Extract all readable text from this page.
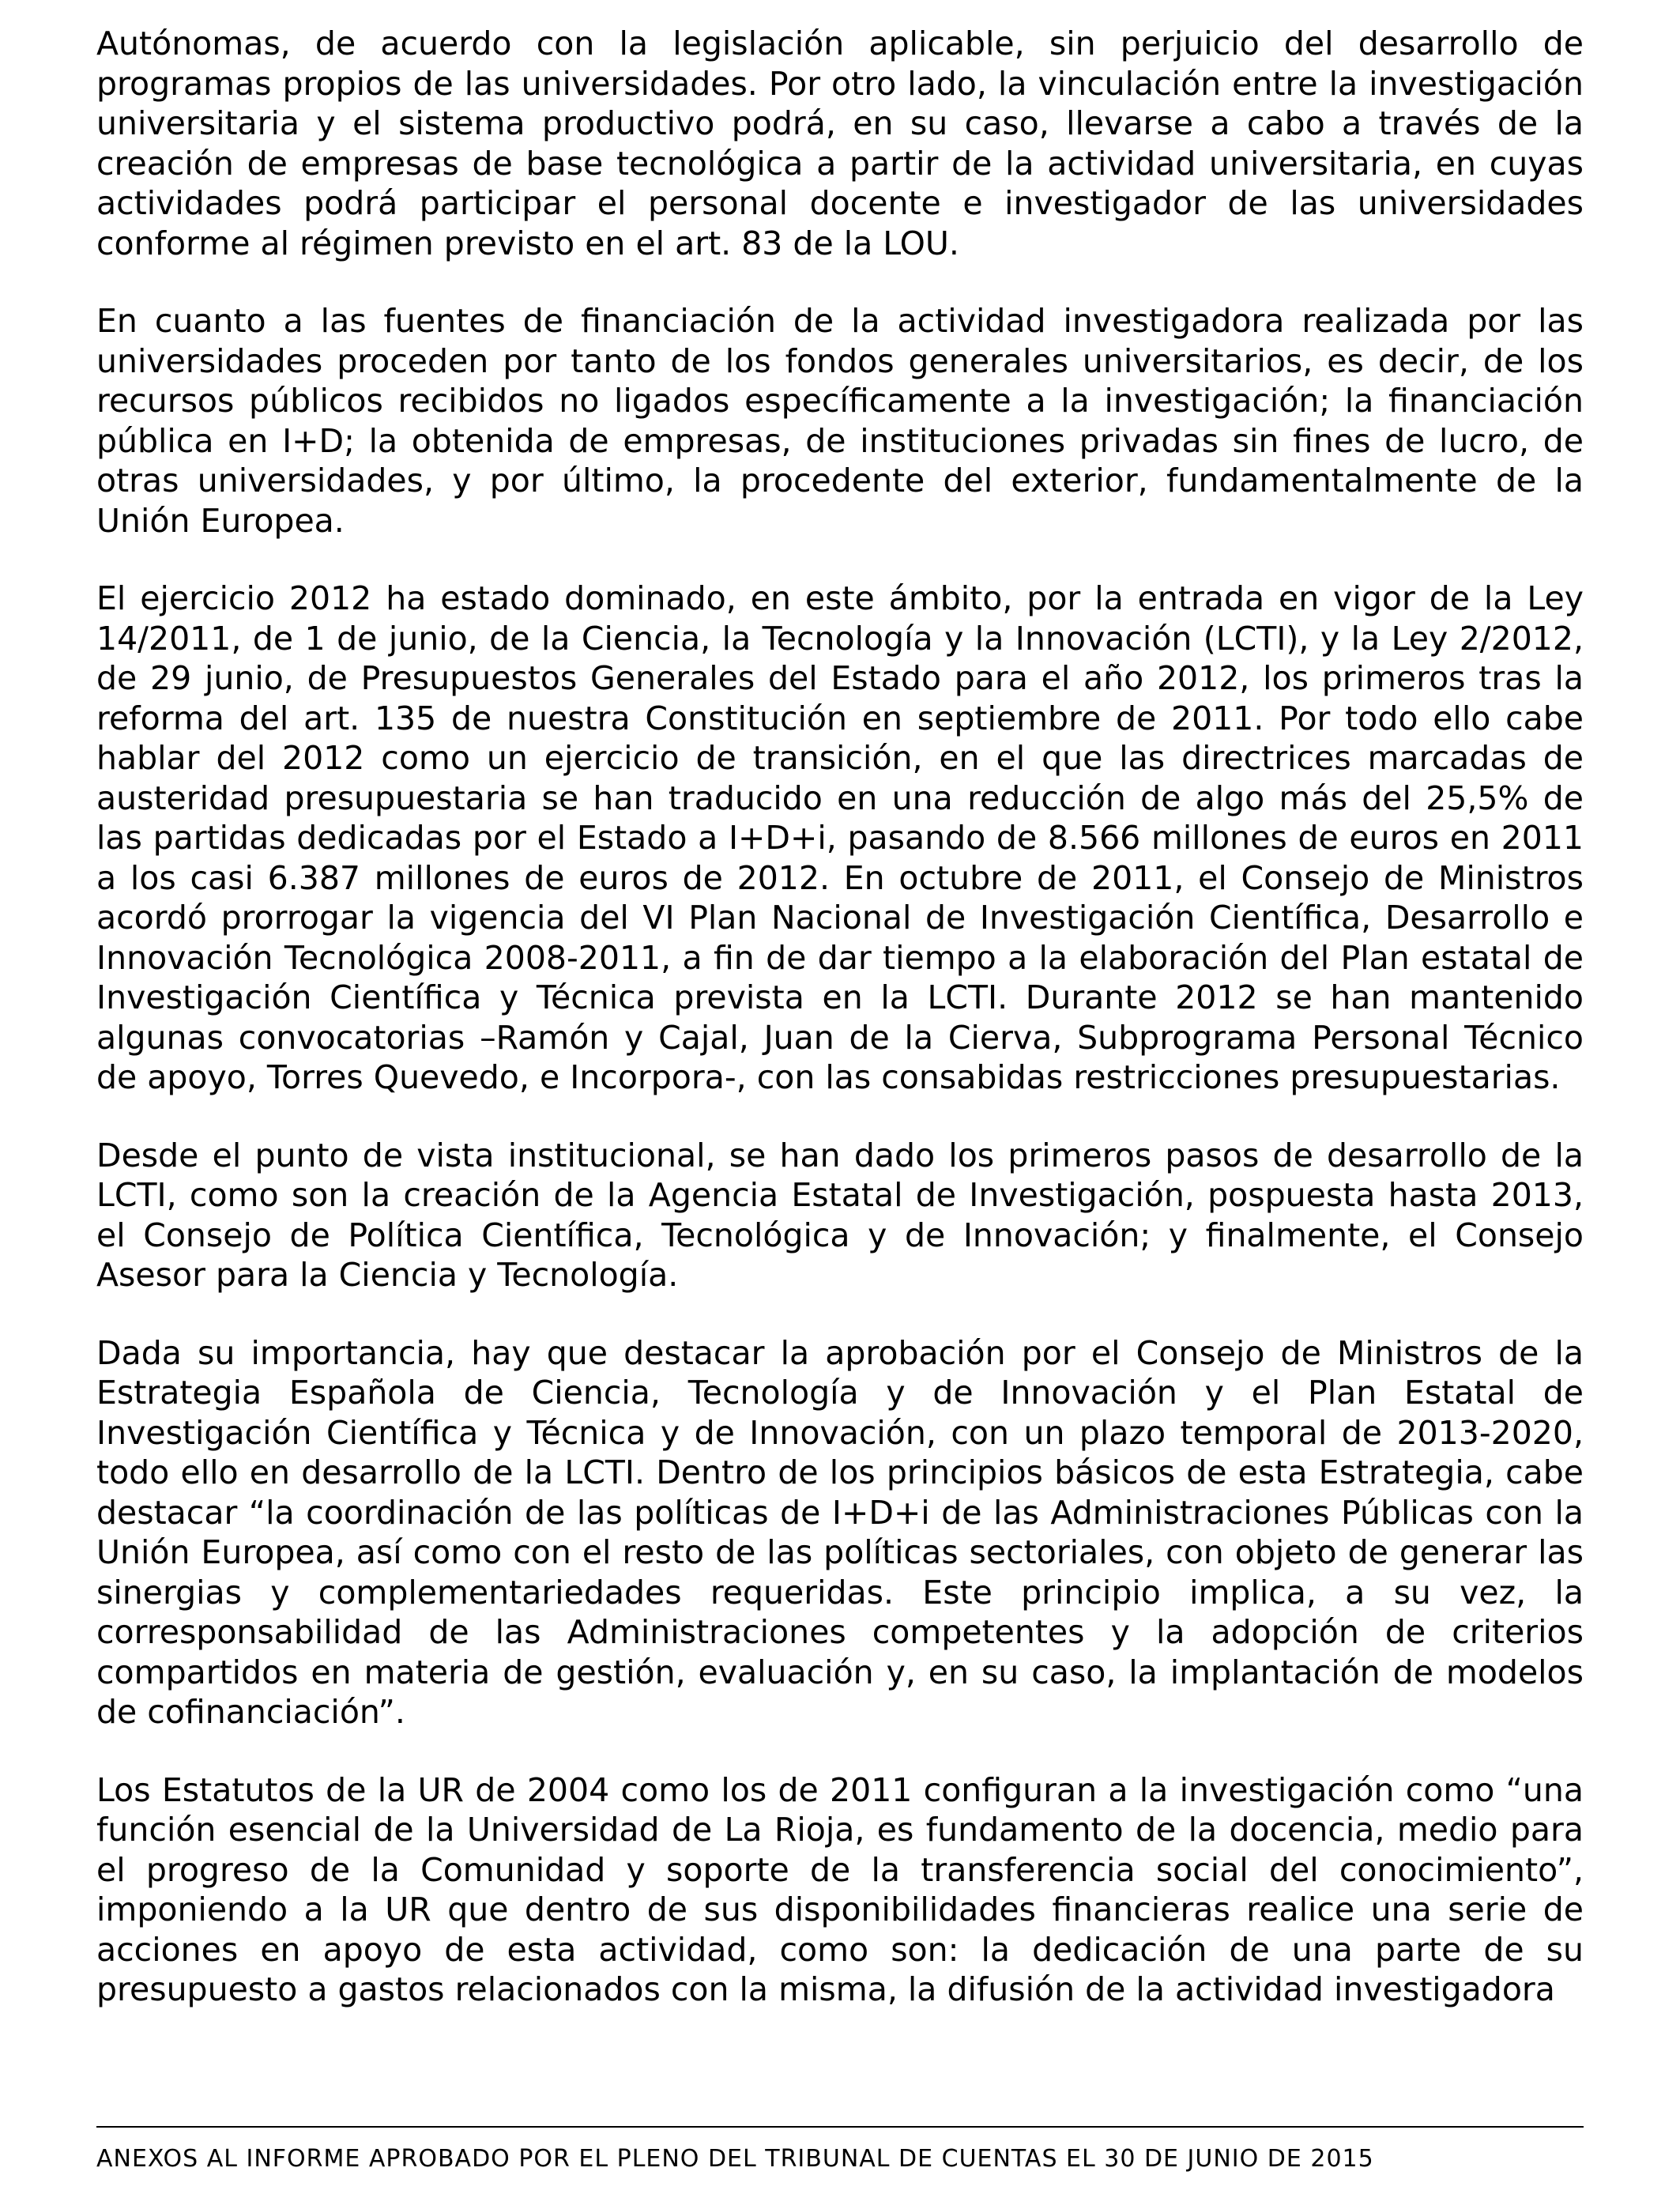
Autónomas, de acuerdo con la legislación aplicable, sin perjuicio del desarrollo de programas propios de las universidades. Por otro lado, la vinculación entre la investigación universitaria y el sistema productivo podrá, en su caso, llevarse a cabo a través de la creación de empresas de base tecnológica a partir de la actividad universitaria, en cuyas actividades podrá participar el personal docente e investigador de las universidades conforme al régimen previsto en el art. 83 de la LOU.

En cuanto a las fuentes de financiación de la actividad investigadora realizada por las universidades proceden por tanto de los fondos generales universitarios, es decir, de los recursos públicos recibidos no ligados específicamente a la investigación; la financiación pública en I+D; la obtenida de empresas, de instituciones privadas sin fines de lucro, de otras universidades, y por último, la procedente del exterior, fundamentalmente de la Unión Europea.

El ejercicio 2012 ha estado dominado, en este ámbito, por la entrada en vigor de la Ley 14/2011, de 1 de junio, de la Ciencia, la Tecnología y la Innovación (LCTI), y la Ley 2/2012, de 29 junio, de Presupuestos Generales del Estado para el año 2012, los primeros tras la reforma del art. 135 de nuestra Constitución en septiembre de 2011. Por todo ello cabe hablar del 2012 como un ejercicio de transición, en el que las directrices marcadas de austeridad presupuestaria se han traducido en una reducción de algo más del 25,5% de las partidas dedicadas por el Estado a I+D+i, pasando de 8.566 millones de euros en 2011 a los casi 6.387 millones de euros de 2012. En octubre de 2011, el Consejo de Ministros acordó prorrogar la vigencia del VI Plan Nacional de Investigación Científica, Desarrollo e Innovación Tecnológica 2008-2011, a fin de dar tiempo a la elaboración del Plan estatal de Investigación Científica y Técnica prevista en la LCTI. Durante 2012 se han mantenido algunas convocatorias –Ramón y Cajal, Juan de la Cierva, Subprograma Personal Técnico de apoyo, Torres Quevedo, e Incorpora-, con las consabidas restricciones presupuestarias.

Desde el punto de vista institucional, se han dado los primeros pasos de desarrollo de la LCTI, como son la creación de la Agencia Estatal de Investigación, pospuesta hasta 2013, el Consejo de Política Científica, Tecnológica y de Innovación; y finalmente, el Consejo Asesor para la Ciencia y Tecnología.

Dada su importancia, hay que destacar la aprobación por el Consejo de Ministros de la Estrategia Española de Ciencia, Tecnología y de Innovación y el Plan Estatal de Investigación Científica y Técnica y de Innovación, con un plazo temporal de 2013-2020, todo ello en desarrollo de la LCTI. Dentro de los principios básicos de esta Estrategia, cabe destacar “la coordinación de las políticas de I+D+i de las Administraciones Públicas con la Unión Europea, así como con el resto de las políticas sectoriales, con objeto de generar las sinergias y complementariedades requeridas. Este principio implica, a su vez, la corresponsabilidad de las Administraciones competentes y la adopción de criterios compartidos en materia de gestión, evaluación y, en su caso, la implantación de modelos de cofinanciación”.

Los Estatutos de la UR de 2004 como los de 2011 configuran a la investigación como “una función esencial de la Universidad de La Rioja, es fundamento de la docencia, medio para el progreso de la Comunidad y soporte de la transferencia social del conocimiento”, imponiendo a la UR que dentro de sus disponibilidades financieras realice una serie de acciones en apoyo de esta actividad, como son: la dedicación de una parte de su presupuesto a gastos relacionados con la misma, la difusión de la actividad investigadora

ANEXOS AL INFORME APROBADO POR EL PLENO DEL TRIBUNAL DE CUENTAS EL 30 DE JUNIO DE 2015
